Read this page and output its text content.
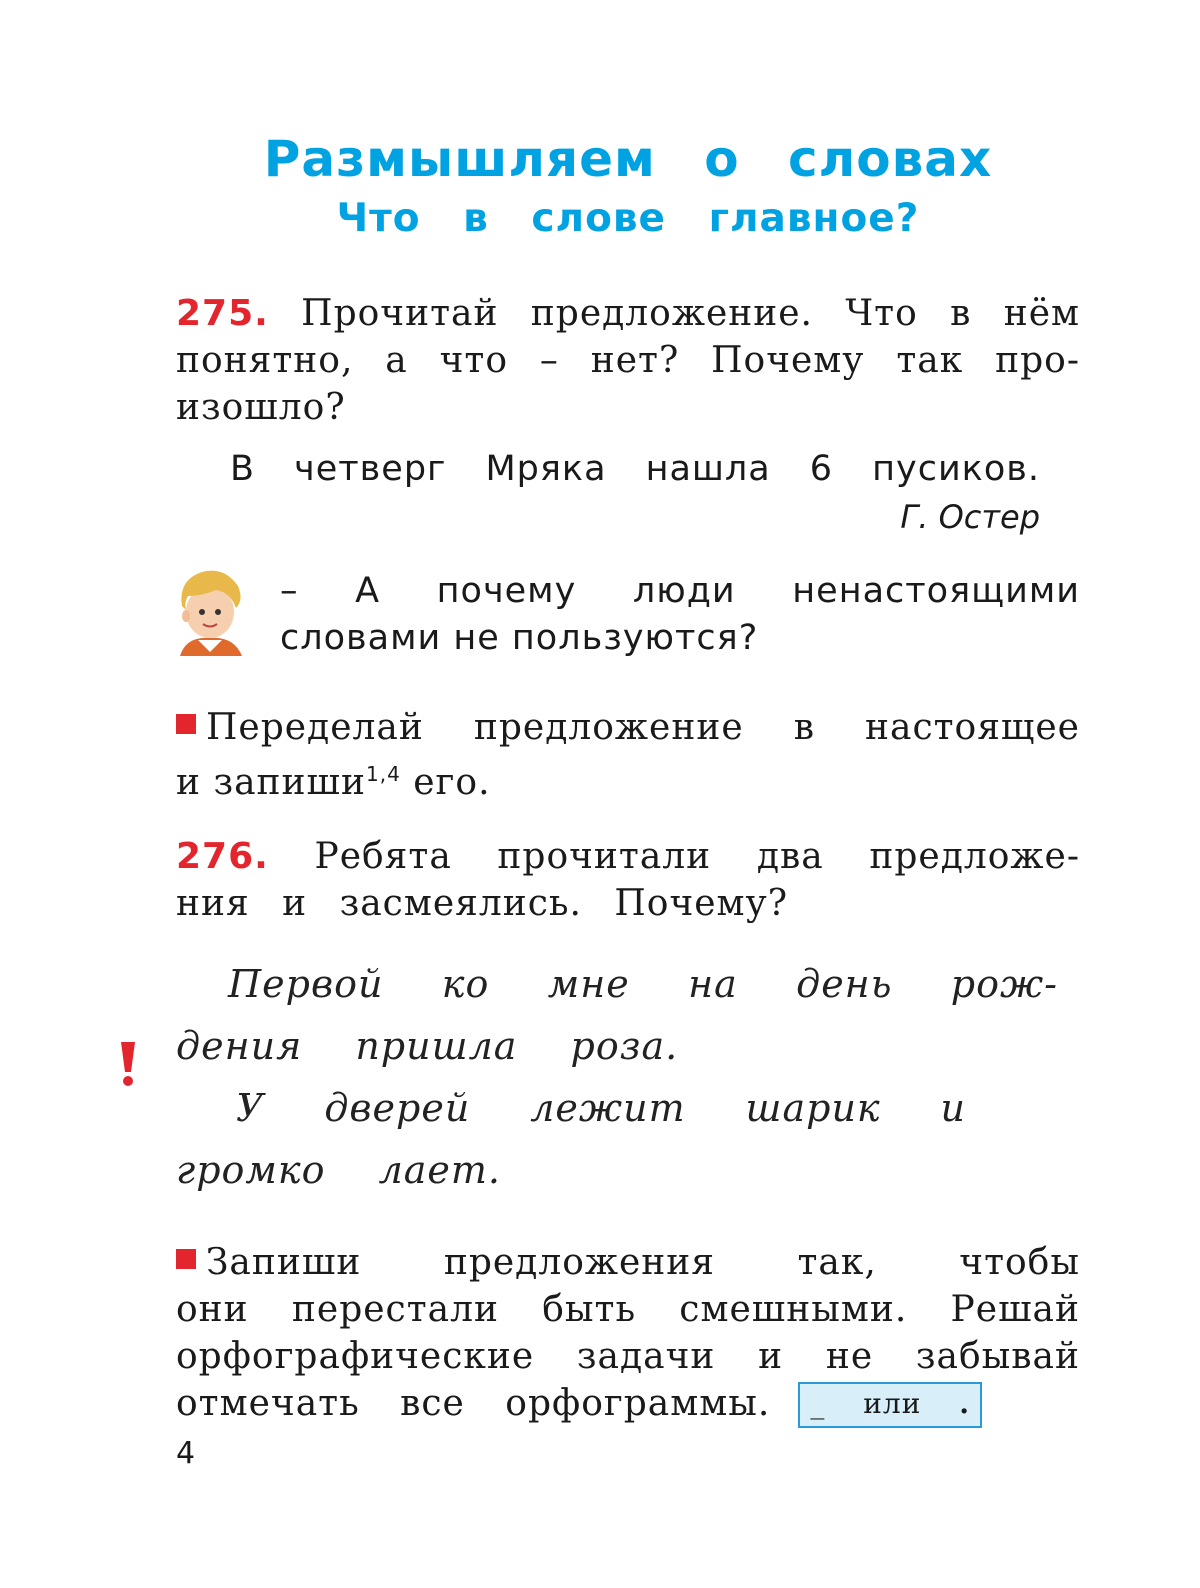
Размышляем о словах
Что в слове главное?
275. Прочитай предложение. Что в нём
понятно, а что – нет? Почему так про-
изошло?
В четверг Мряка нашла 6 пусиков.
Г. Остер
– А почему люди ненастоящими
словами не пользуются?
Переделай предложение в настоящее
и запиши$^{1,4}$ его.
276. Ребята прочитали два предложе-
ния и засмеялись. Почему?
Первой ко мне на день рож-
дения пришла роза.
У дверей лежит шарик и
громко лает.
Запиши предложения так, чтобы
они перестали быть смешными. Решай
орфографические задачи и не забывай
отмечать все орфограммы. _ или .
4
